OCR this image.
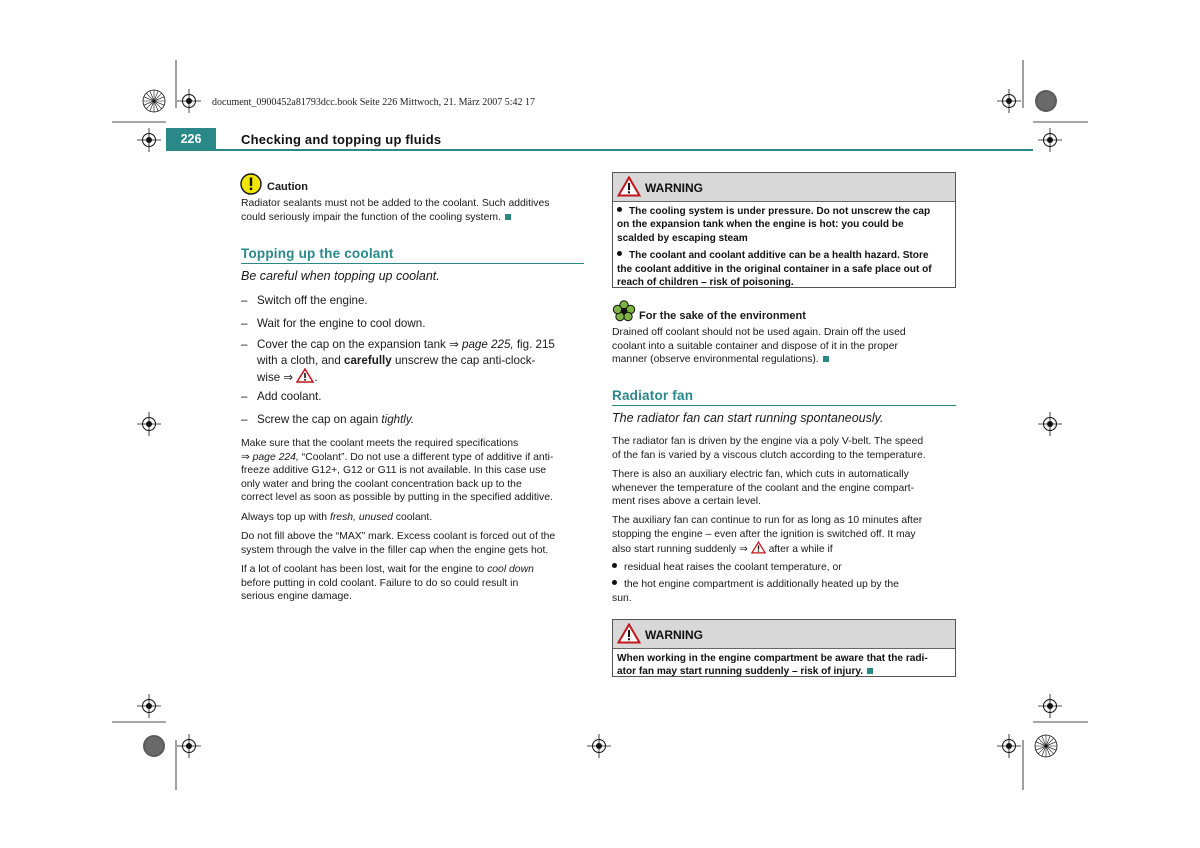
document_0900452a81793dcc.book Seite 226 Mittwoch, 21. März 2007 5:42 17
226	Checking and topping up fluids
Caution
Radiator sealants must not be added to the coolant. Such additives
could seriously impair the function of the cooling system.
Topping up the coolant
Be careful when topping up coolant.
– Switch off the engine.
– Wait for the engine to cool down.
– Cover the cap on the expansion tank ⇒ page 225, fig. 215
with a cloth, and carefully unscrew the cap anti-clock-
wise ⇒ .
– Add coolant.
– Screw the cap on again tightly.
Make sure that the coolant meets the required specifications
⇒ page 224, “Coolant”. Do not use a different type of additive if anti-
freeze additive G12+, G12 or G11 is not available. In this case use
only water and bring the coolant concentration back up to the
correct level as soon as possible by putting in the specified additive.
Always top up with fresh, unused coolant.
Do not fill above the “MAX” mark. Excess coolant is forced out of the
system through the valve in the filler cap when the engine gets hot.
If a lot of coolant has been lost, wait for the engine to cool down
before putting in cold coolant. Failure to do so could result in
serious engine damage.
WARNING
The cooling system is under pressure. Do not unscrew the cap
on the expansion tank when the engine is hot: you could be
scalded by escaping steam
The coolant and coolant additive can be a health hazard. Store
the coolant additive in the original container in a safe place out of
reach of children – risk of poisoning.
For the sake of the environment
Drained off coolant should not be used again. Drain off the used
coolant into a suitable container and dispose of it in the proper
manner (observe environmental regulations).
Radiator fan
The radiator fan can start running spontaneously.
The radiator fan is driven by the engine via a poly V-belt. The speed
of the fan is varied by a viscous clutch according to the temperature.
There is also an auxiliary electric fan, which cuts in automatically
whenever the temperature of the coolant and the engine compart-
ment rises above a certain level.
The auxiliary fan can continue to run for as long as 10 minutes after
stopping the engine – even after the ignition is switched off. It may
also start running suddenly ⇒  after a while if
residual heat raises the coolant temperature, or
the hot engine compartment is additionally heated up by the
sun.
WARNING
When working in the engine compartment be aware that the radi-
ator fan may start running suddenly – risk of injury.
